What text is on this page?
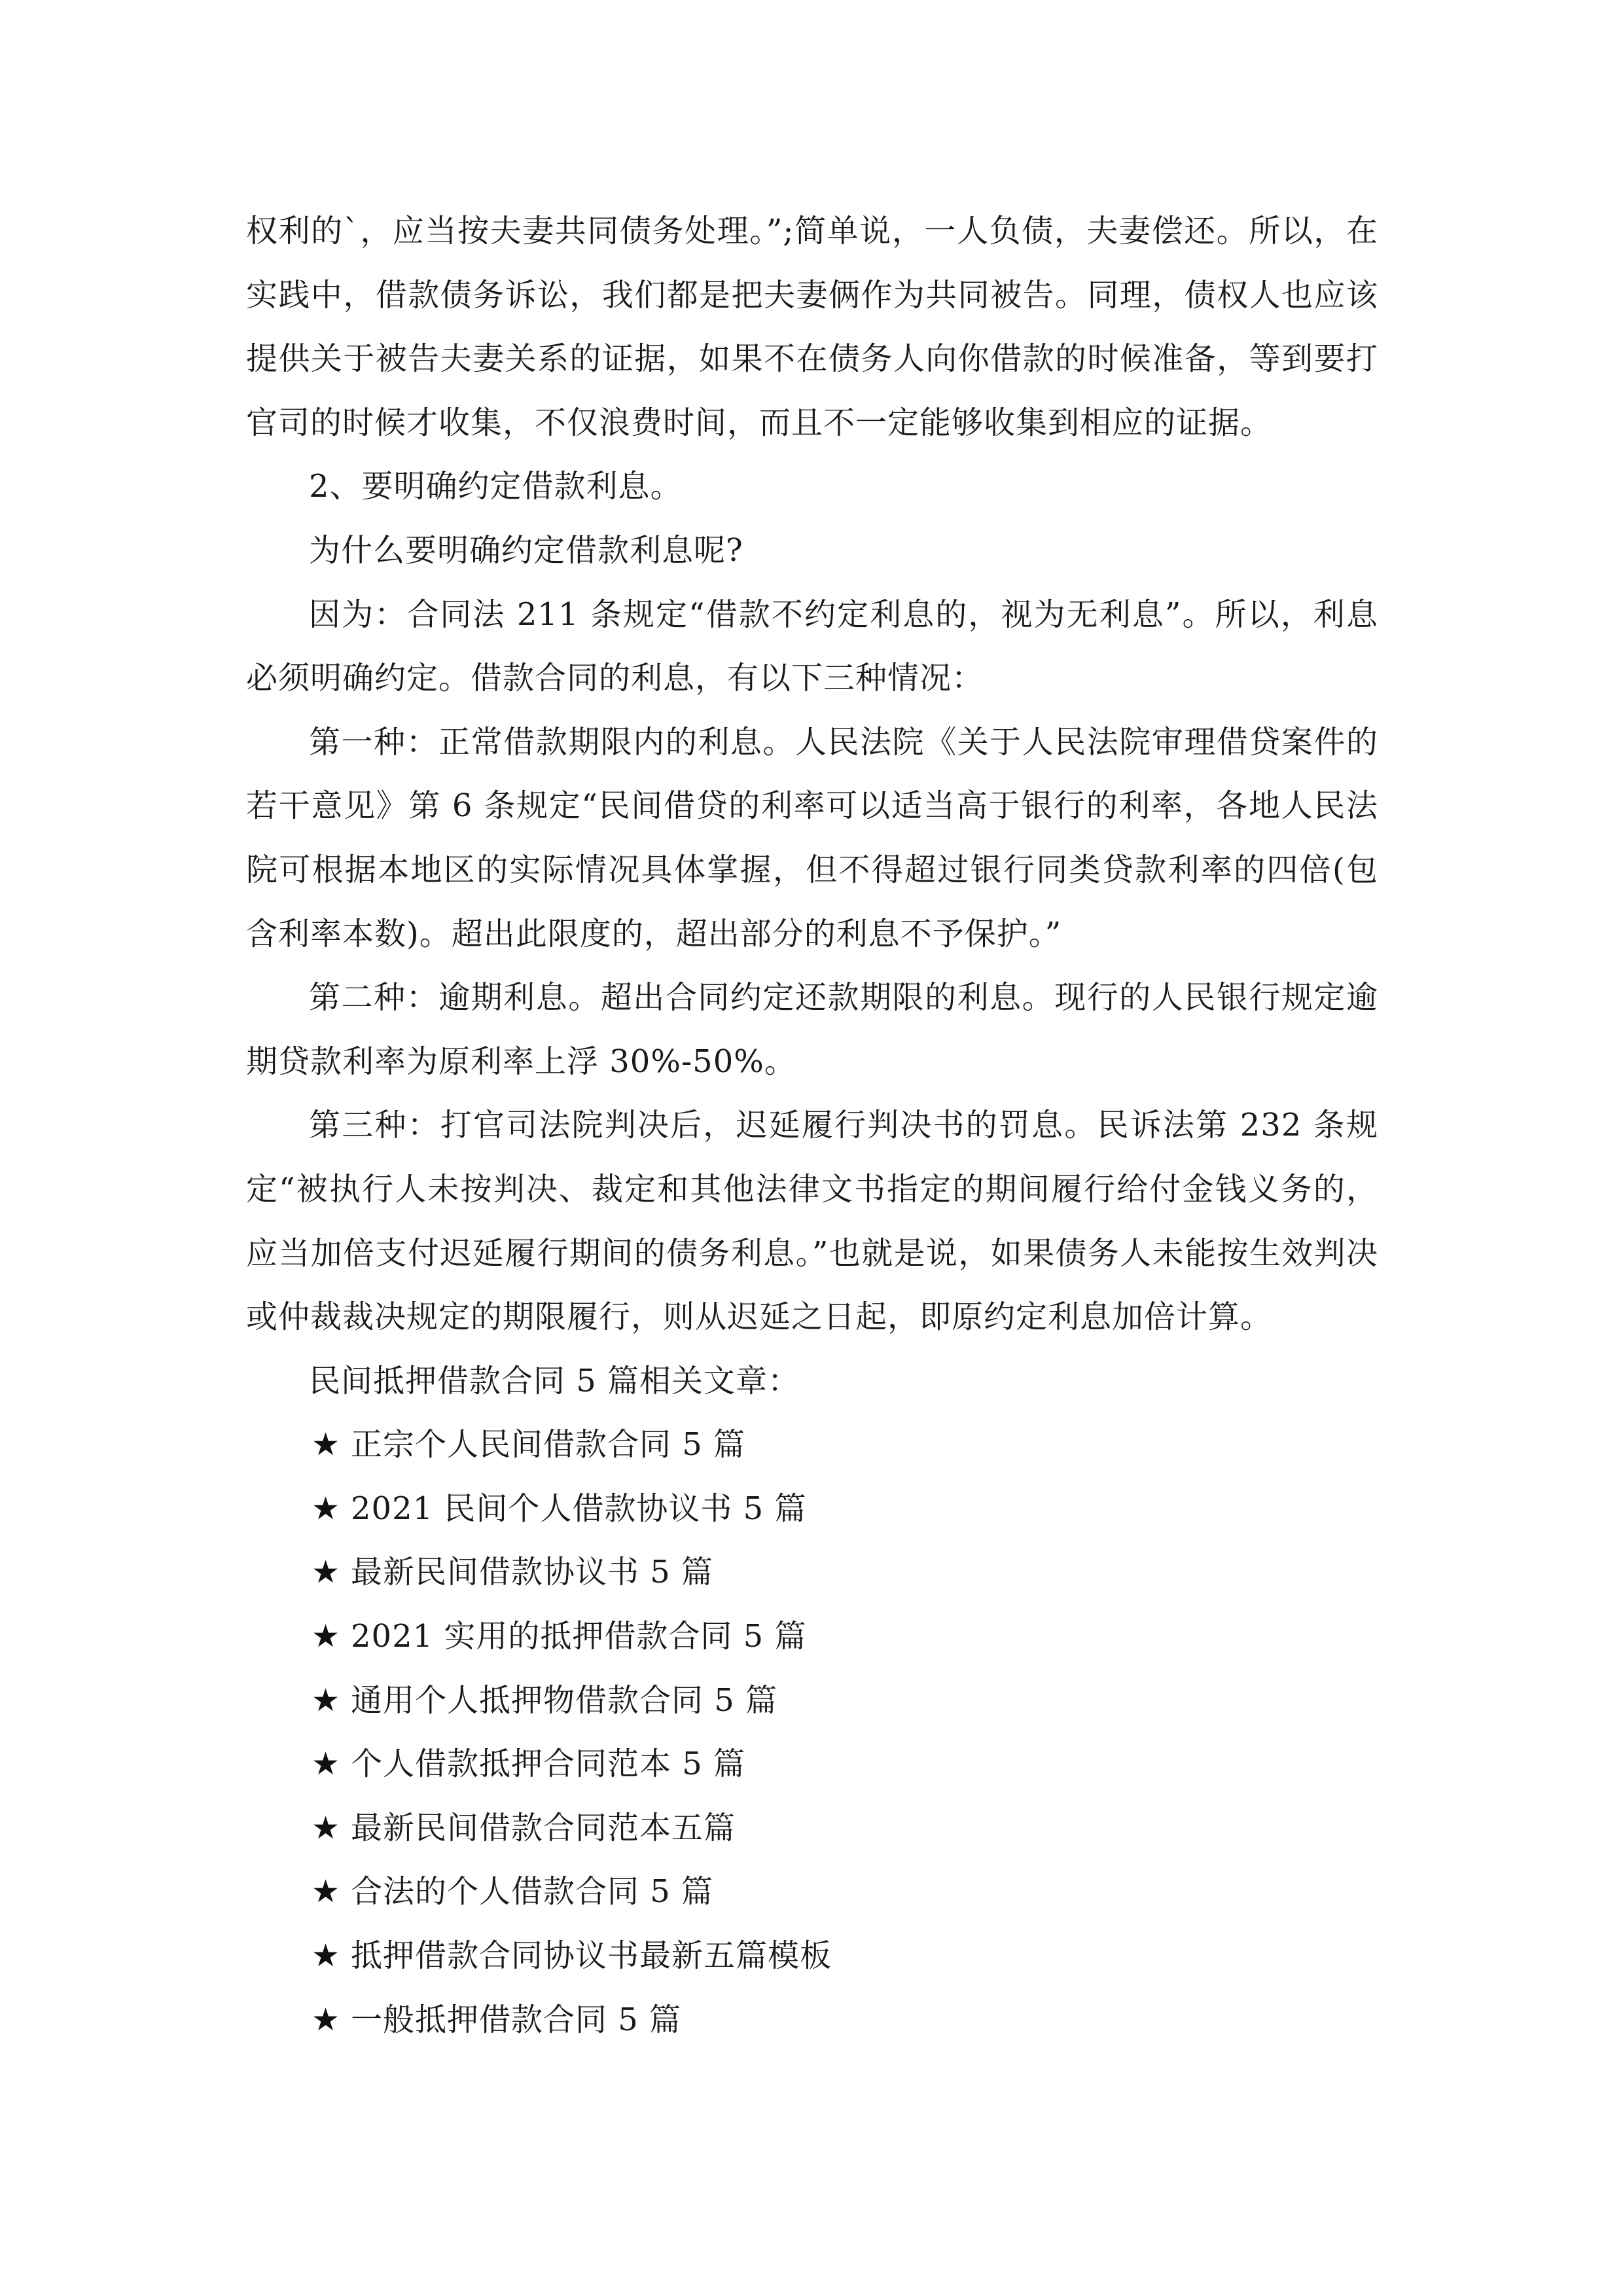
权利的`，应当按夫妻共同债务处理。”;简单说，一人负债，夫妻偿还。所以，在实践中，借款债务诉讼，我们都是把夫妻俩作为共同被告。同理，债权人也应该提供关于被告夫妻关系的证据，如果不在债务人向你借款的时候准备，等到要打官司的时候才收集，不仅浪费时间，而且不一定能够收集到相应的证据。

2、要明确约定借款利息。

为什么要明确约定借款利息呢?

因为：合同法 211 条规定“借款不约定利息的，视为无利息”。所以，利息必须明确约定。借款合同的利息，有以下三种情况：

第一种：正常借款期限内的利息。人民法院《关于人民法院审理借贷案件的若干意见》第 6 条规定“民间借贷的利率可以适当高于银行的利率，各地人民法院可根据本地区的实际情况具体掌握，但不得超过银行同类贷款利率的四倍(包含利率本数)。超出此限度的，超出部分的利息不予保护。”

第二种：逾期利息。超出合同约定还款期限的利息。现行的人民银行规定逾期贷款利率为原利率上浮 30%-50%。

第三种：打官司法院判决后，迟延履行判决书的罚息。民诉法第 232 条规定“被执行人未按判决、裁定和其他法律文书指定的期间履行给付金钱义务的，应当加倍支付迟延履行期间的债务利息。”也就是说，如果债务人未能按生效判决或仲裁裁决规定的期限履行，则从迟延之日起，即原约定利息加倍计算。

民间抵押借款合同 5 篇相关文章：

★ 正宗个人民间借款合同 5 篇
★ 2021 民间个人借款协议书 5 篇
★ 最新民间借款协议书 5 篇
★ 2021 实用的抵押借款合同 5 篇
★ 通用个人抵押物借款合同 5 篇
★ 个人借款抵押合同范本 5 篇
★ 最新民间借款合同范本五篇
★ 合法的个人借款合同 5 篇
★ 抵押借款合同协议书最新五篇模板
★ 一般抵押借款合同 5 篇
